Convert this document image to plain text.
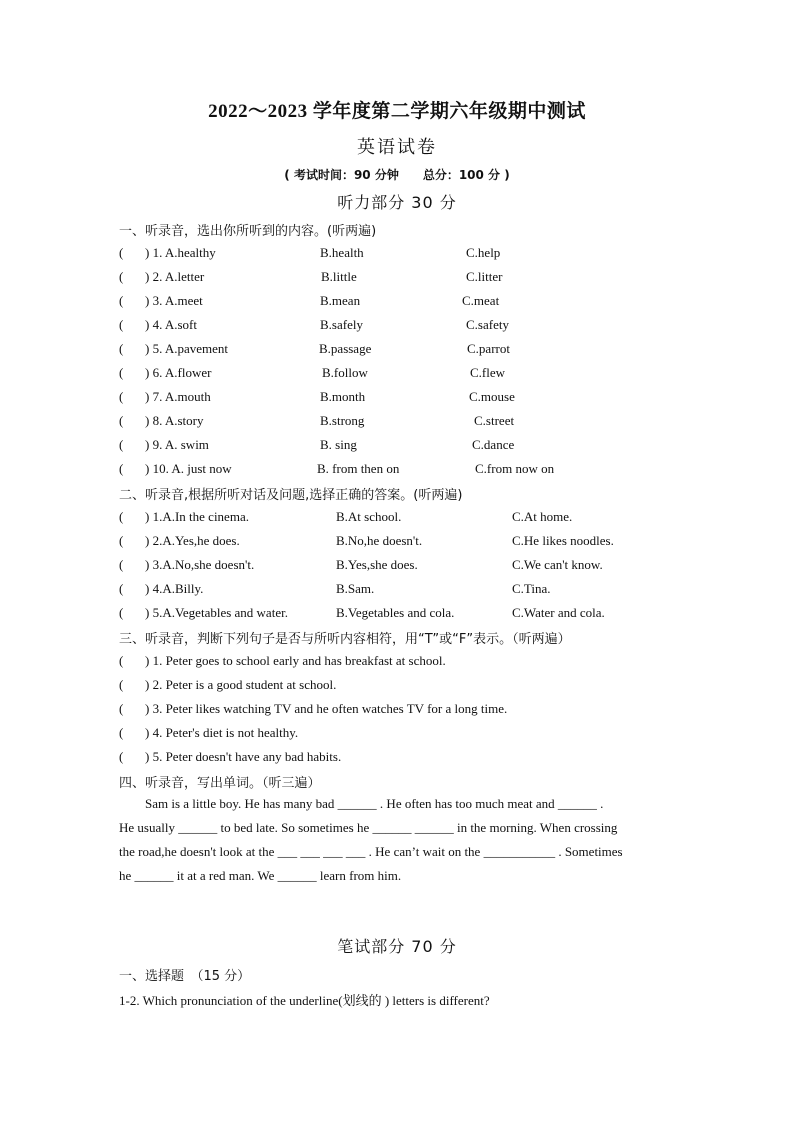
2022～2023 学年度第二学期六年级期中测试
英语试卷
( 考试时间：90 分钟　　总分：100 分 )
听力部分 30 分
一、听录音，选出你所听到的内容。(听两遍)
( ) 1. A.healthy	B.health	C.help
( ) 2. A.letter	B.little	C.litter
( ) 3. A.meet	B.mean	C.meat
( ) 4. A.soft	B.safely	C.safety
( ) 5. A.pavement	B.passage	C.parrot
( ) 6. A.flower	B.follow	C.flew
( ) 7. A.mouth	B.month	C.mouse
( ) 8. A.story	B.strong	C.street
( ) 9. A. swim	B. sing	C.dance
( ) 10. A. just now	B. from then on	C.from now on
二、听录音,根据所听对话及问题,选择正确的答案。(听两遍)
( ) 1.A.In the cinema.	B.At school.	C.At home.
( ) 2.A.Yes,he does.	B.No,he doesn't.	C.He likes noodles.
( ) 3.A.No,she doesn't.	B.Yes,she does.	C.We can't know.
( ) 4.A.Billy.	B.Sam.	C.Tina.
( ) 5.A.Vegetables and water.	B.Vegetables and cola.	C.Water and cola.
三、听录音，判断下列句子是否与所听内容相符，用“T”或“F”表示。（听两遍）
( ) 1. Peter goes to school early and has breakfast at school.
( ) 2. Peter is a good student at school.
( ) 3. Peter likes watching TV and he often watches TV for a long time.
( ) 4. Peter's diet is not healthy.
( ) 5. Peter doesn't have any bad habits.
四、听录音，写出单词。（听三遍）
　　Sam is a little boy. He has many bad ______ . He often has too much meat and ______ .
He usually ______ to bed late. So sometimes he ______ ______ in the morning. When crossing
the road,he doesn't look at the ___ ___ ___ ___ . He can’t wait on the ___________ . Sometimes
he ______ it at a red man. We ______ learn from him.
笔试部分 70 分
一、选择题　（15 分）
1-2. Which pronunciation of the underline(划线的 ) letters is different?
